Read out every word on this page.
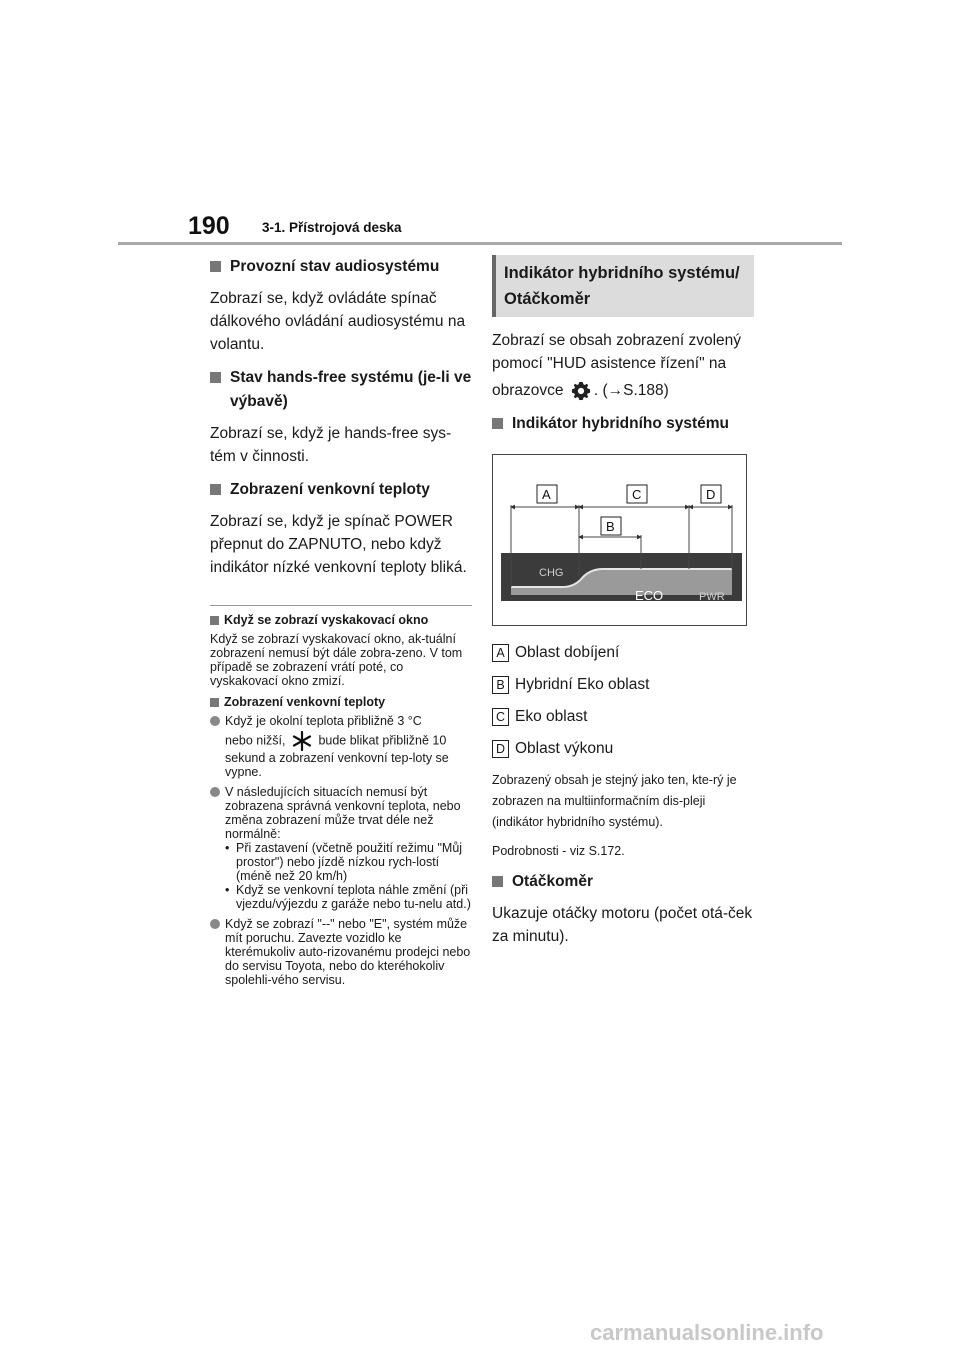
190 3-1. Přístrojová deska
Provozní stav audiosystému

Zobrazí se, když ovládáte spínač dálkového ovládání audiosystému na volantu.

Stav hands-free systému (je-li ve výbavě)

Zobrazí se, když je hands-free sys-tém v činnosti.

Zobrazení venkovní teploty

Zobrazí se, když je spínač POWER přepnut do ZAPNUTO, nebo když indikátor nízké venkovní teploty bliká.

Když se zobrazí vyskakovací okno

Když se zobrazí vyskakovací okno, ak-tuální zobrazení nemusí být dále zobra-zeno. V tom případě se zobrazení vrátí poté, co vyskakovací okno zmizí.

Zobrazení venkovní teploty
Když je okolní teplota přibližně 3 °C
nebo nižší,	bude blikat přibližně 10 sekund a zobrazení venkovní tep-loty se vypne.
V následujících situacích nemusí být zobrazena správná venkovní teplota, nebo změna zobrazení může trvat déle než normálně:
• Při zastavení (včetně použití režimu "Můj prostor") nebo jízdě nízkou rych-lostí (méně než 20 km/h)
• Když se venkovní teplota náhle změní (při vjezdu/výjezdu z garáže nebo tu-nelu atd.)
Když se zobrazí "--" nebo "E", systém může mít poruchu. Zavezte vozidlo ke kterémukoliv auto-rizovanému prodejci nebo do servisu Toyota, nebo do kteréhokoliv spolehli-vého servisu.
Indikátor hybridního systému/ Otáčkoměr

Zobrazí se obsah zobrazení zvolený pomocí "HUD asistence řízení" na

obrazovce . (→S.188)

Indikátor hybridního systému
CHG
ECO	PWR
A	C	D
B
A Oblast dobíjení
B Hybridní Eko oblast
C Eko oblast
D Oblast výkonu

Zobrazený obsah je stejný jako ten, kte-rý je zobrazen na multiinformačním dis-pleji (indikátor hybridního systému).

Podrobnosti - viz S.172.

Otáčkoměr

Ukazuje otáčky motoru (počet otá-ček za minutu).

carmanualsonline.info
